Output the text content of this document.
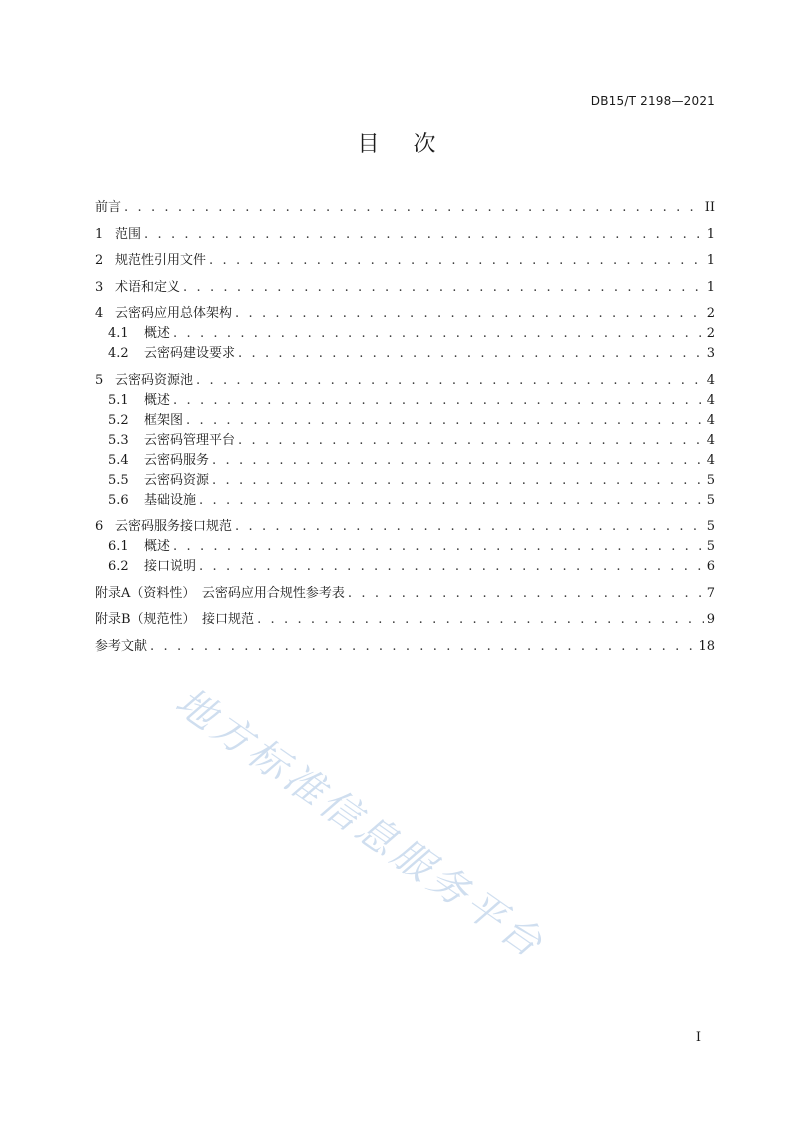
DB15/T 2198—2021
目次
前言 . . .	II
1 范围 . . .	1
2 规范性引用文件 . . .	1
3 术语和定义 . . .	1
4 云密码应用总体架构 . . .	2
4.1	概述 . . .	2
4.2	云密码建设要求 . . .	3
5 云密码资源池 . . .	4
5.1	概述 . . .	4
5.2	框架图 . . .	4
5.3	云密码管理平台 . . .	4
5.4	云密码服务 . . .	4
5.5	云密码资源 . . .	5
5.6	基础设施 . . .	5
6 云密码服务接口规范 . . .	5
6.1	概述 . . .	5
6.2	接口说明 . . .	6
附录A（资料性）　云密码应用合规性参考表 . . .	7
附录B（规范性）　接口规范 . . .	9
参考文献 . . .	18
地方标准信息服务平台
I
